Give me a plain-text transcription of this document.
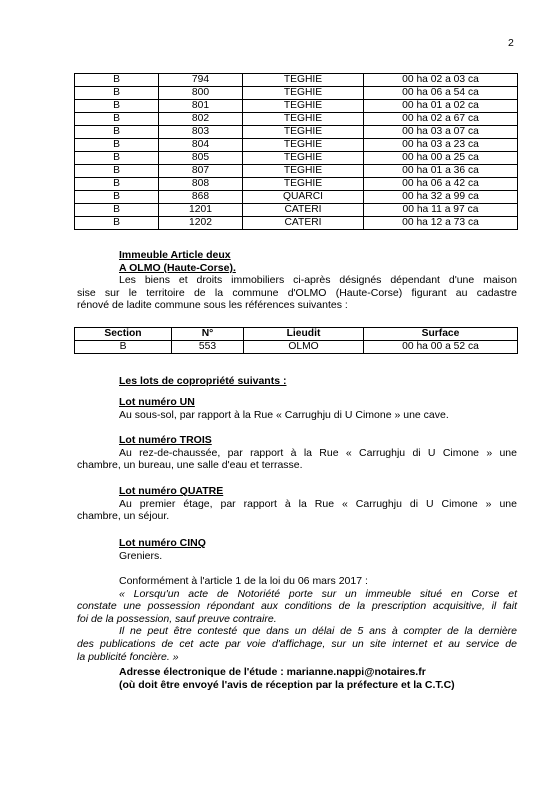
2
B	794	TEGHIE	00 ha 02 a 03 ca
B	800	TEGHIE	00 ha 06 a 54 ca
B	801	TEGHIE	00 ha 01 a 02 ca
B	802	TEGHIE	00 ha 02 a 67 ca
B	803	TEGHIE	00 ha 03 a 07 ca
B	804	TEGHIE	00 ha 03 a 23 ca
B	805	TEGHIE	00 ha 00 a 25 ca
B	807	TEGHIE	00 ha 01 a 36 ca
B	808	TEGHIE	00 ha 06 a 42 ca
B	868	QUARCI	00 ha 32 a 99 ca
B	1201	CATERI	00 ha 11 a 97 ca
B	1202	CATERI	00 ha 12 a 73 ca
Immeuble Article deux
A OLMO (Haute-Corse).
Les biens et droits immobiliers ci-après désignés dépendant d'une maison
sise sur le territoire de la commune d'OLMO (Haute-Corse) figurant au cadastre
rénové de ladite commune sous les références suivantes :
Section	N°	Lieudit	Surface
B	553	OLMO	00 ha 00 a 52 ca
Les lots de copropriété suivants :
Lot numéro UN
Au sous-sol, par rapport à la Rue « Carrughju di U Cimone » une cave.
Lot numéro TROIS
Au rez-de-chaussée, par rapport à la Rue « Carrughju di U Cimone » une
chambre, un bureau, une salle d'eau et terrasse.
Lot numéro QUATRE
Au premier étage, par rapport à la Rue « Carrughju di U Cimone » une
chambre, un séjour.
Lot numéro CINQ
Greniers.
Conformément à l'article 1 de la loi du 06 mars 2017 :
« Lorsqu'un acte de Notoriété porte sur un immeuble situé en Corse et
constate une possession répondant aux conditions de la prescription acquisitive, il fait
foi de la possession, sauf preuve contraire.
Il ne peut être contesté que dans un délai de 5 ans à compter de la dernière
des publications de cet acte par voie d'affichage, sur un site internet et au service de
la publicité foncière. »
Adresse électronique de l'étude : marianne.nappi@notaires.fr
(où doit être envoyé l'avis de réception par la préfecture et la C.T.C)
